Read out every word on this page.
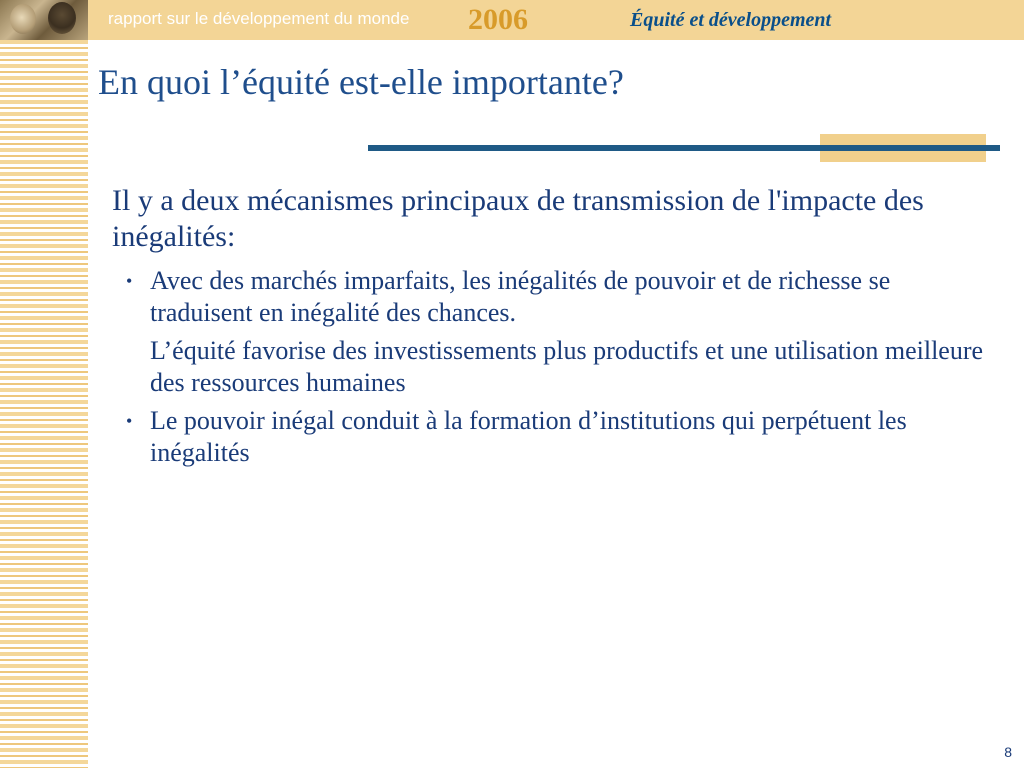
rapport sur le développement du monde 2006	Équité et développement
En quoi l’équité est-elle importante?

Il y a deux mécanismes principaux de transmission de l'impacte des inégalités:

• Avec des marchés imparfaits, les inégalités de pouvoir et de richesse se traduisent en inégalité des chances.
L’équité favorise des investissements plus productifs et une utilisation meilleure des ressources humaines
• Le pouvoir inégal conduit à la formation d’institutions qui perpétuent les inégalités
8
